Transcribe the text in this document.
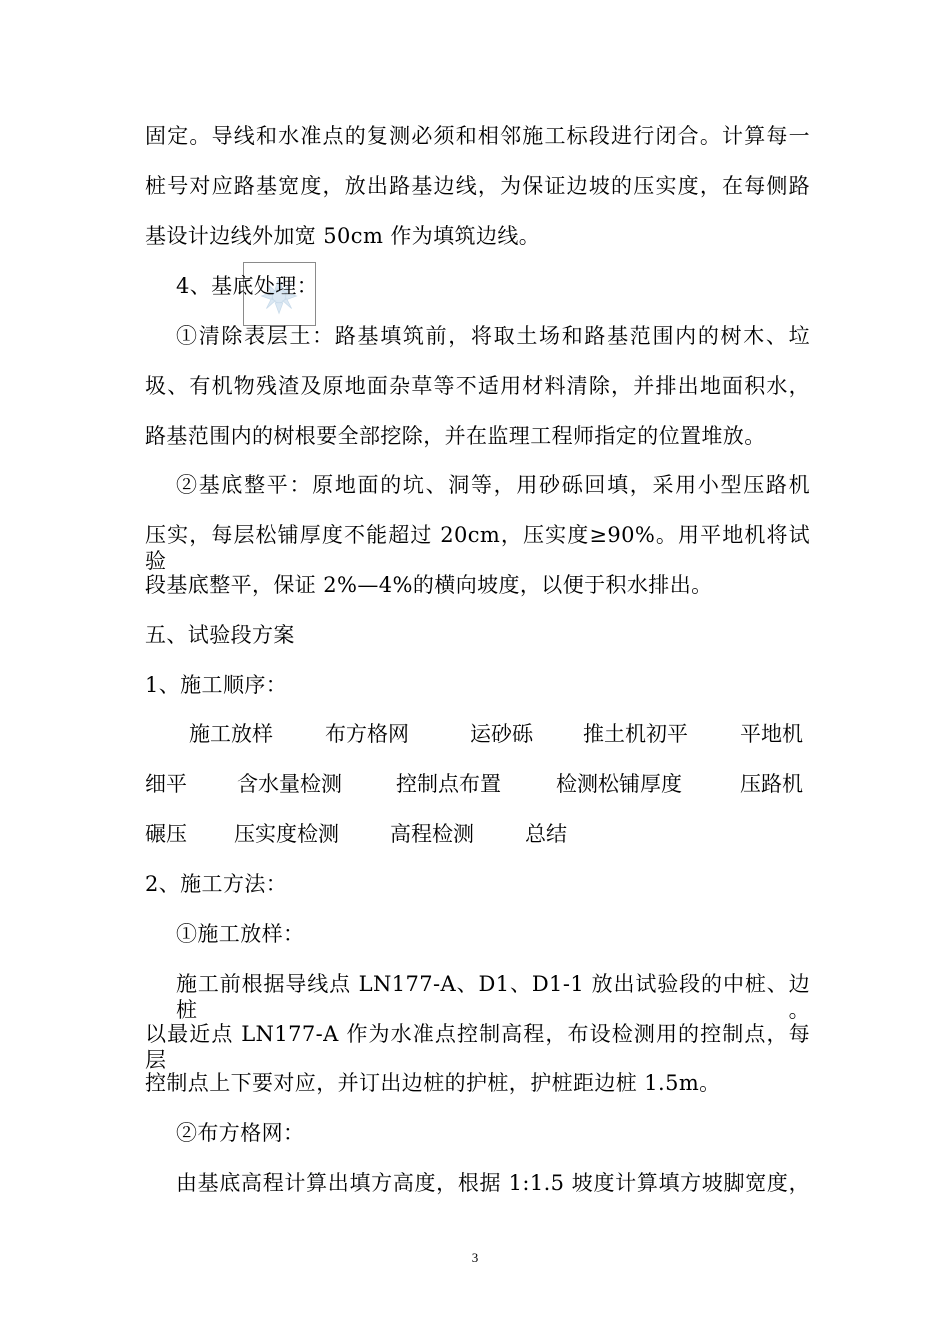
固定。导线和水准点的复测必须和相邻施工标段进行闭合。计算每一
桩号对应路基宽度，放出路基边线，为保证边坡的压实度，在每侧路
基设计边线外加宽 50cm 作为填筑边线。
4、基底处理：
①清除表层土：路基填筑前，将取土场和路基范围内的树木、垃
圾、有机物残渣及原地面杂草等不适用材料清除，并排出地面积水，
路基范围内的树根要全部挖除，并在监理工程师指定的位置堆放。
②基底整平：原地面的坑、洞等，用砂砾回填，采用小型压路机
压实，每层松铺厚度不能超过 20cm，压实度≥90%。用平地机将试验
段基底整平，保证 2%—4%的横向坡度，以便于积水排出。
五、试验段方案
1、施工顺序：
施工放样 布方格网	运砂砾 推土机初平 平地机
细平 含水量检测	控制点布置	检测松铺厚度	压路机
碾压 压实度检测 高程检测 总结
2、施工方法：
①施工放样：
施工前根据导线点 LN177-A、D1、D1-1 放出试验段的中桩、边桩。
以最近点 LN177-A 作为水准点控制高程，布设检测用的控制点，每层
控制点上下要对应，并订出边桩的护桩，护桩距边桩 1.5m。
②布方格网：
由基底高程计算出填方高度，根据 1:1.5 坡度计算填方坡脚宽度，
3
